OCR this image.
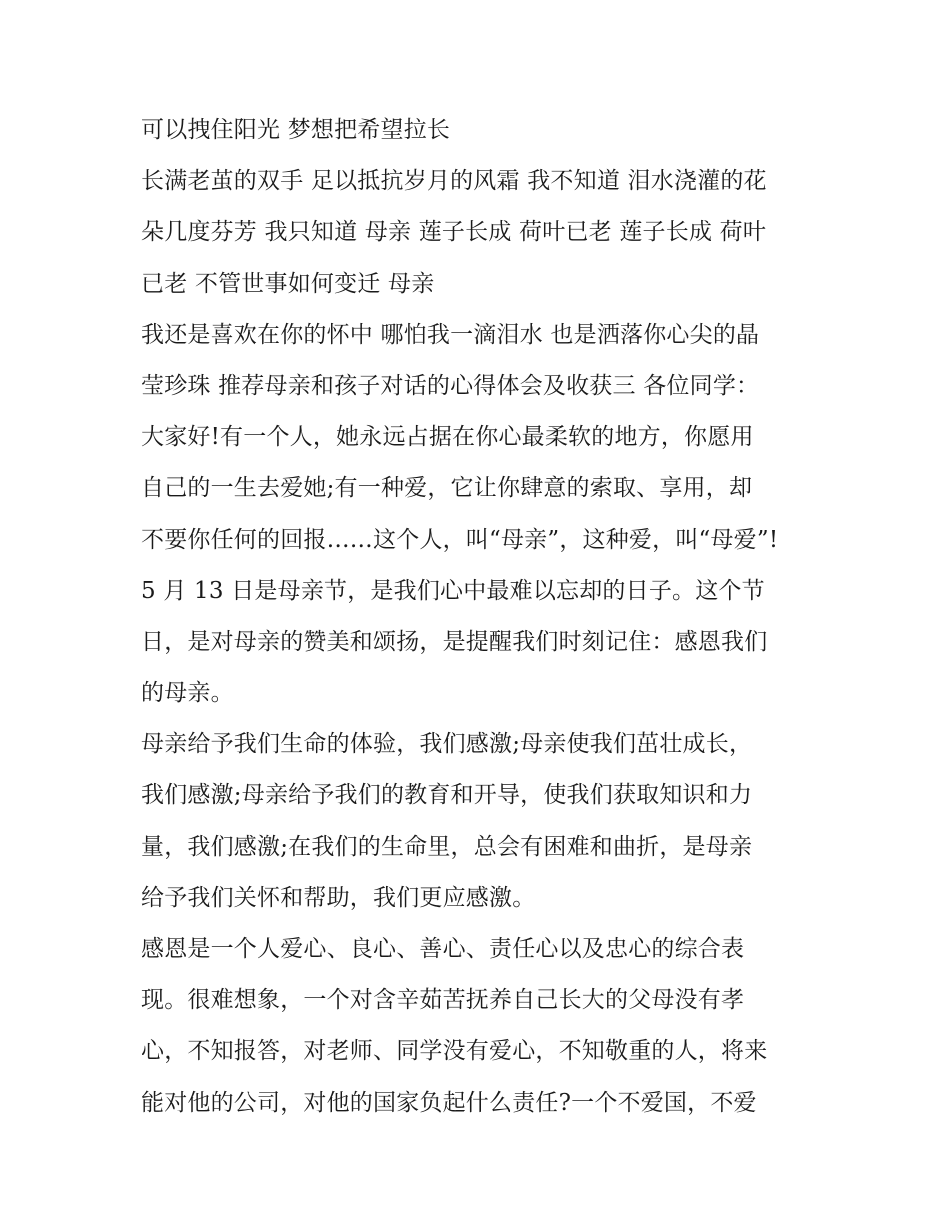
可以拽住阳光 梦想把希望拉长
长满老茧的双手 足以抵抗岁月的风霜 我不知道 泪水浇灌的花
朵几度芬芳 我只知道 母亲 莲子长成 荷叶已老 莲子长成 荷叶
已老 不管世事如何变迁 母亲
我还是喜欢在你的怀中 哪怕我一滴泪水 也是洒落你心尖的晶
莹珍珠 推荐母亲和孩子对话的心得体会及收获三 各位同学：
大家好!有一个人，她永远占据在你心最柔软的地方，你愿用
自己的一生去爱她;有一种爱，它让你肆意的索取、享用，却
不要你任何的回报……这个人，叫“母亲”，这种爱，叫“母爱”!
5 月 13 日是母亲节，是我们心中最难以忘却的日子。这个节
日，是对母亲的赞美和颂扬，是提醒我们时刻记住：感恩我们
的母亲。
母亲给予我们生命的体验，我们感激;母亲使我们茁壮成长，
我们感激;母亲给予我们的教育和开导，使我们获取知识和力
量，我们感激;在我们的生命里，总会有困难和曲折，是母亲
给予我们关怀和帮助，我们更应感激。
感恩是一个人爱心、良心、善心、责任心以及忠心的综合表
现。很难想象，一个对含辛茹苦抚养自己长大的父母没有孝
心，不知报答，对老师、同学没有爱心，不知敬重的人，将来
能对他的公司，对他的国家负起什么责任?一个不爱国，不爱
